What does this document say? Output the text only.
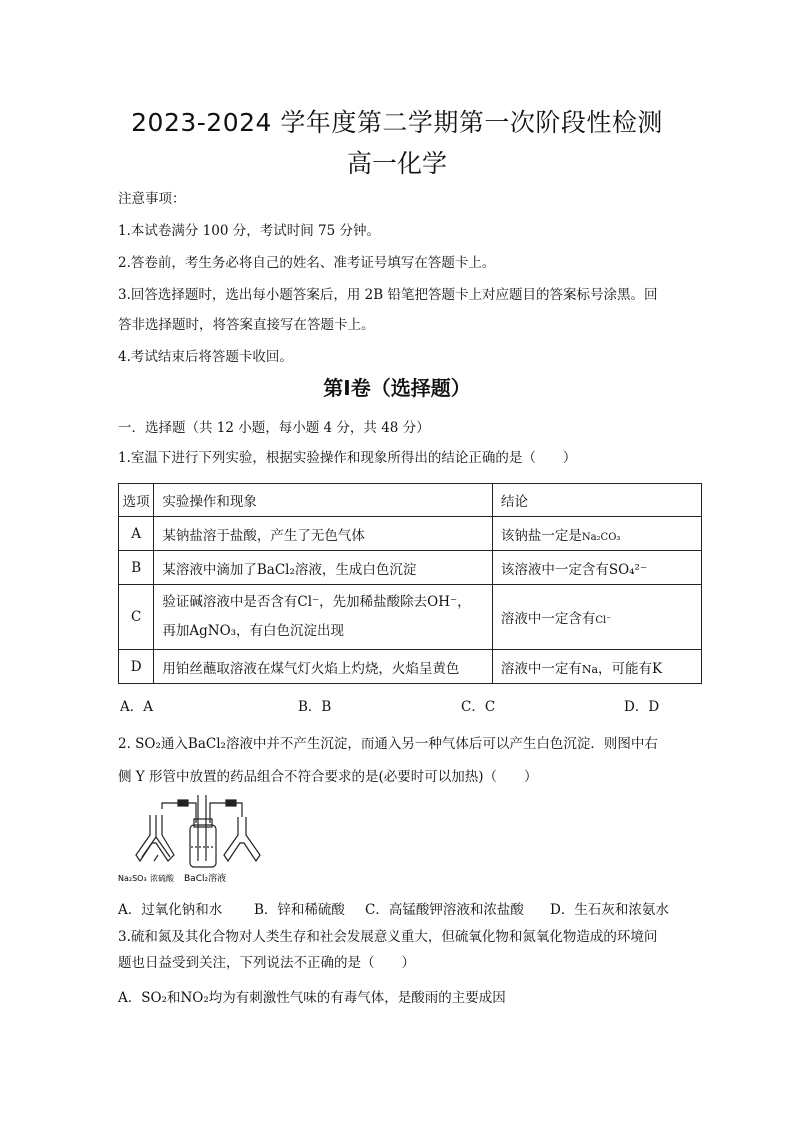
2023-2024 学年度第二学期第一次阶段性检测
高一化学
注意事项：
1.本试卷满分 100 分，考试时间 75 分钟。
2.答卷前，考生务必将自己的姓名、准考证号填写在答题卡上。
3.回答选择题时，选出每小题答案后，用 2B 铅笔把答题卡上对应题目的答案标号涂黑。回
答非选择题时，将答案直接写在答题卡上。
4.考试结束后将答题卡收回。
第Ⅰ卷（选择题）
一．选择题（共 12 小题，每小题 4 分，共 48 分）
1.室温下进行下列实验，根据实验操作和现象所得出的结论正确的是（　　）
选项	实验操作和现象	结论
A	某钠盐溶于盐酸，产生了无色气体	该钠盐一定是Na₂CO₃
B	某溶液中滴加了BaCl₂溶液，生成白色沉淀	该溶液中一定含有SO₄²⁻
C	验证碱溶液中是否含有Cl⁻，先加稀盐酸除去OH⁻，
再加AgNO₃，有白色沉淀出现	溶液中一定含有Cl⁻
D	用铂丝蘸取溶液在煤气灯火焰上灼烧，火焰呈黄色	溶液中一定有Na，可能有K
A．A	B．B	C．C	D．D
2. SO₂通入BaCl₂溶液中并不产生沉淀，而通入另一种气体后可以产生白色沉淀．则图中右
侧 Y 形管中放置的药品组合不符合要求的是(必要时可以加热)（　　）
Na₂SO₃ 浓硫酸 BaCl₂溶液
A．过氧化钠和水 B．锌和稀硫酸 C．高锰酸钾溶液和浓盐酸 D．生石灰和浓氨水
3.硫和氮及其化合物对人类生存和社会发展意义重大，但硫氧化物和氮氧化物造成的环境问
题也日益受到关注，下列说法不正确的是（　　）
A．SO₂和NO₂均为有刺激性气味的有毒气体，是酸雨的主要成因
